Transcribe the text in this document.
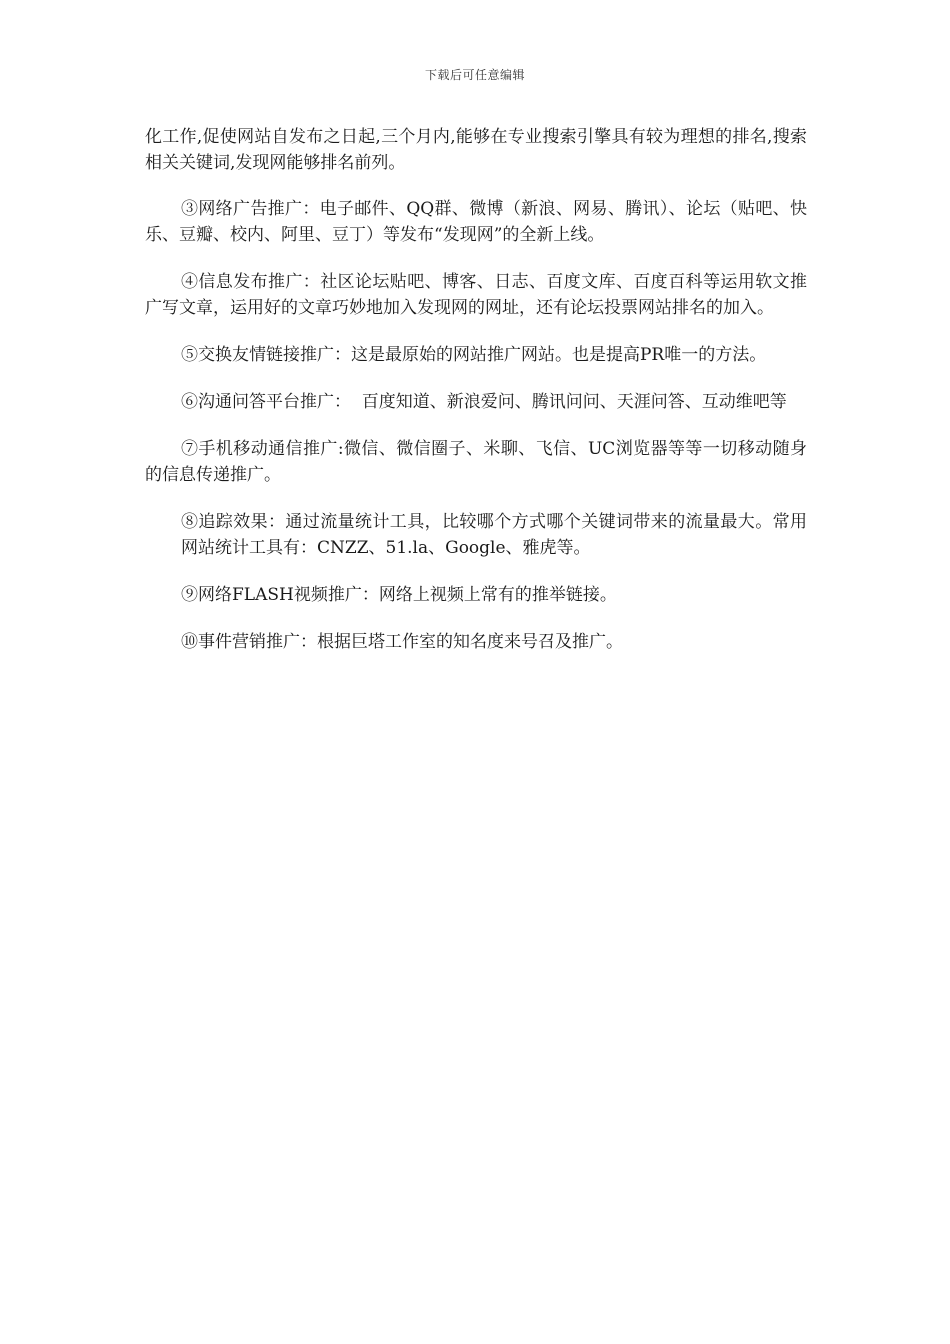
下载后可任意编辑

化工作,促使网站自发布之日起,三个月内,能够在专业搜索引擎具有较为理想的排名,搜索相关关键词,发现网能够排名前列。

③网络广告推广：电子邮件、QQ群、微博（新浪、网易、腾讯）、论坛（贴吧、快乐、豆瓣、校内、阿里、豆丁）等发布“发现网”的全新上线。

④信息发布推广：社区论坛贴吧、博客、日志、百度文库、百度百科等运用软文推广写文章，运用好的文章巧妙地加入发现网的网址，还有论坛投票网站排名的加入。

⑤交换友情链接推广：这是最原始的网站推广网站。也是提高PR唯一的方法。

⑥沟通问答平台推广：  百度知道、新浪爱问、腾讯问问、天涯问答、互动维吧等

⑦手机移动通信推广:微信、微信圈子、米聊、飞信、UC浏览器等等一切移动随身的信息传递推广。

⑧追踪效果：通过流量统计工具，比较哪个方式哪个关键词带来的流量最大。常用网站统计工具有：CNZZ、51.la、Google、雅虎等。

⑨网络FLASH视频推广：网络上视频上常有的推举链接。

⑩事件营销推广：根据巨塔工作室的知名度来号召及推广。
